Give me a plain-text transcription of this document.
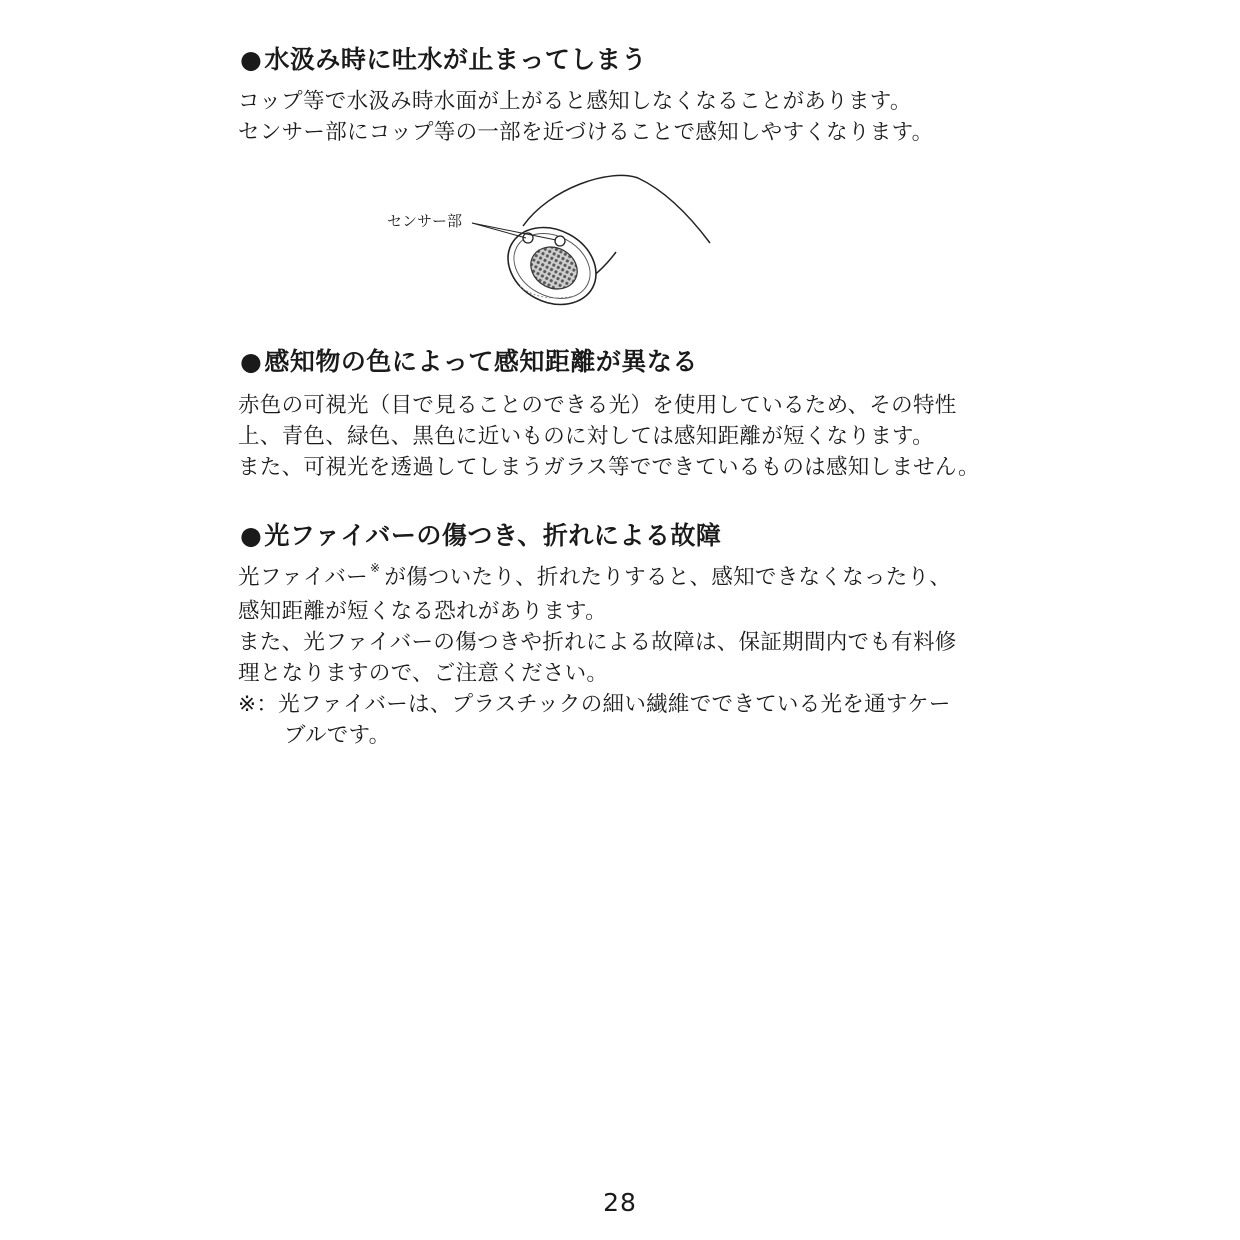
●水汲み時に吐水が止まってしまう
コップ等で水汲み時水面が上がると感知しなくなることがあります。
センサー部にコップ等の一部を近づけることで感知しやすくなります。
センサー部
●感知物の色によって感知距離が異なる
赤色の可視光（目で見ることのできる光）を使用しているため、その特性
上、青色、緑色、黒色に近いものに対しては感知距離が短くなります。
また、可視光を透過してしまうガラス等でできているものは感知しません。
●光ファイバーの傷つき、折れによる故障
光ファイバー ※ が傷ついたり、折れたりすると、感知できなくなったり、
感知距離が短くなる恐れがあります。
また、光ファイバーの傷つきや折れによる故障は、保証期間内でも有料修
理となりますので、ご注意ください。
※：光ファイバーは、プラスチックの細い繊維でできている光を通すケー
ブルです。
28
